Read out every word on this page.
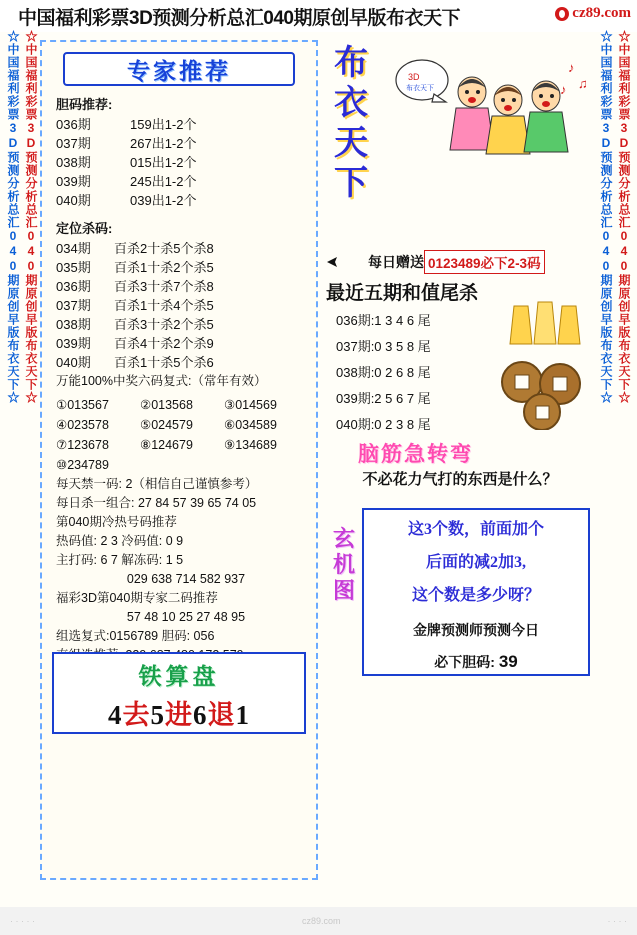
中国福利彩票3D预测分析总汇040期原创早版布衣天下	cz89.com
☆中国福利彩票3D预测分析总汇040期原创早版布衣天下☆ ☆中国福利彩票3D预测分析总汇040期原创早版布衣天下☆	☆中国福利彩票3D预测分析总汇040期原创早版布衣天下☆ ☆中国福利彩票3D预测分析总汇040期原创早版布衣天下☆
专家推荐
胆码推荐:
036期	159出1-2个
037期	267出1-2个
038期	015出1-2个
039期	245出1-2个
040期	039出1-2个
定位杀码:
034期	百杀2十杀5个杀8
035期	百杀1十杀2个杀5
036期	百杀3十杀7个杀8
037期	百杀1十杀4个杀5
038期	百杀3十杀2个杀5
039期	百杀4十杀2个杀9
040期	百杀1十杀5个杀6
万能100%中奖六码复式:（常年有效）
①013567 ②013568 ③014569
④023578 ⑤024579 ⑥034589
⑦123678 ⑧124679 ⑨134689
⑩234789
每天禁一码: 2（相信自己谨慎参考）
每日杀一组合: 27 84 57 39 65 74 05
第040期冷热号码推荐
热码值: 2 3 冷码值: 0 9
主打码: 6 7 解冻码: 1 5
029 638 714 582 937
福彩3D第040期专家二码推荐
57 48 10 25 27 48 95
组选复式:0156789 胆码: 056
铁算盘
4去5进6退1
布衣天下
3D
布衣天下
♪
♫
♪
每日赠送 0123489必下2-3码
最近五期和值尾杀
036期:1 3 4 6 尾
037期:0 3 5 8 尾
038期:0 2 6 8 尾
039期:2 5 6 7 尾
040期:0 2 3 8 尾
脑筋急转弯
不必花力气打的东西是什么？
玄机图
这3个数，前面加个
后面的减2加3,
这个数是多少呀？
金牌预测师预测今日
必下胆码: 39
· · · · ·	cz89.com	· · · ·
